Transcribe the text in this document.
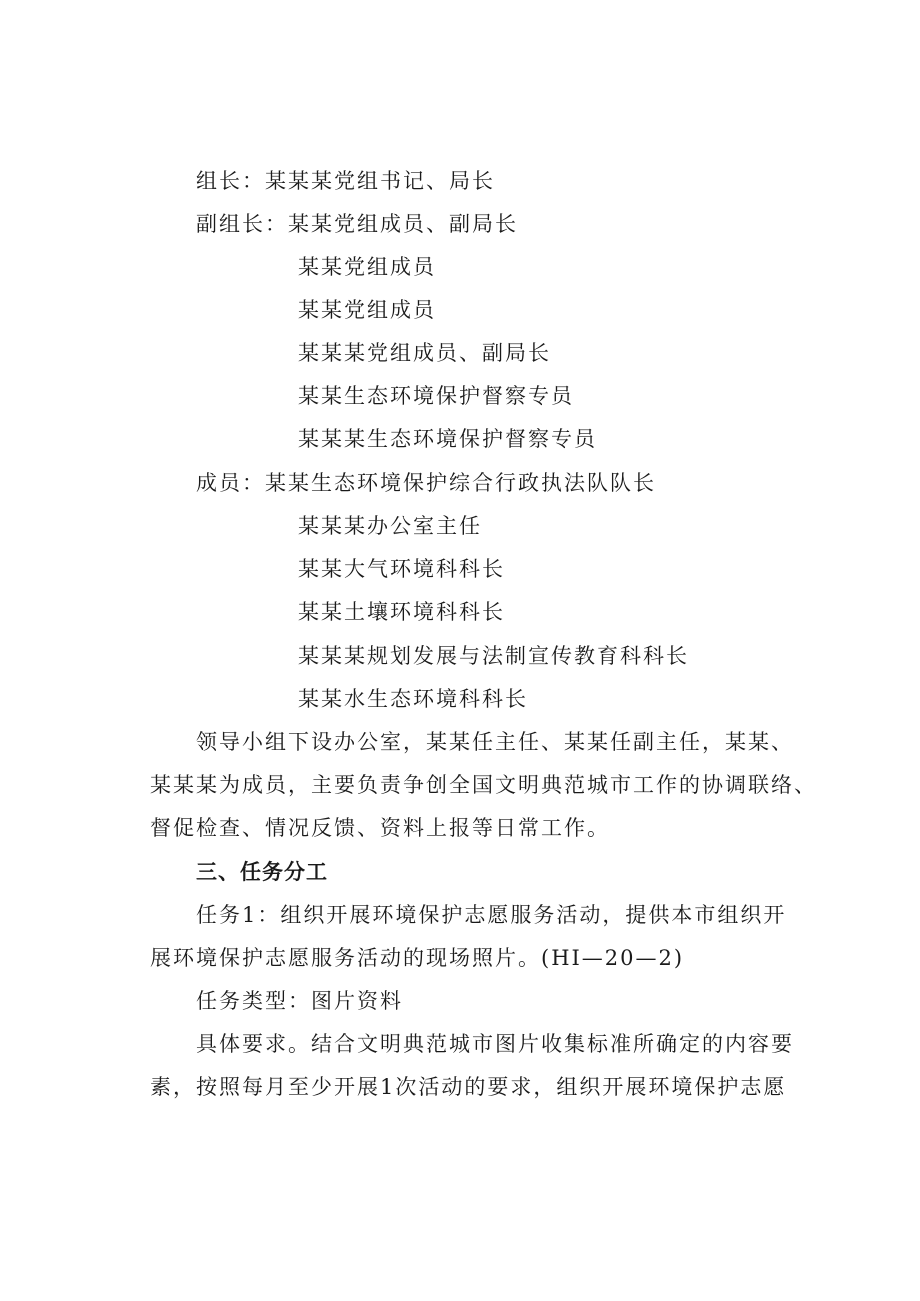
组长：某某某党组书记、局长
副组长：某某党组成员、副局长
某某党组成员
某某党组成员
某某某党组成员、副局长
某某生态环境保护督察专员
某某某生态环境保护督察专员
成员：某某生态环境保护综合行政执法队队长
某某某办公室主任
某某大气环境科科长
某某土壤环境科科长
某某某规划发展与法制宣传教育科科长
某某水生态环境科科长
领导小组下设办公室，某某任主任、某某任副主任，某某、
某某某为成员，主要负责争创全国文明典范城市工作的协调联络、
督促检查、情况反馈、资料上报等日常工作。
三、任务分工
任务1：组织开展环境保护志愿服务活动，提供本市组织开
展环境保护志愿服务活动的现场照片。(HI—20—2)
任务类型：图片资料
具体要求。结合文明典范城市图片收集标准所确定的内容要
素，按照每月至少开展1次活动的要求，组织开展环境保护志愿
